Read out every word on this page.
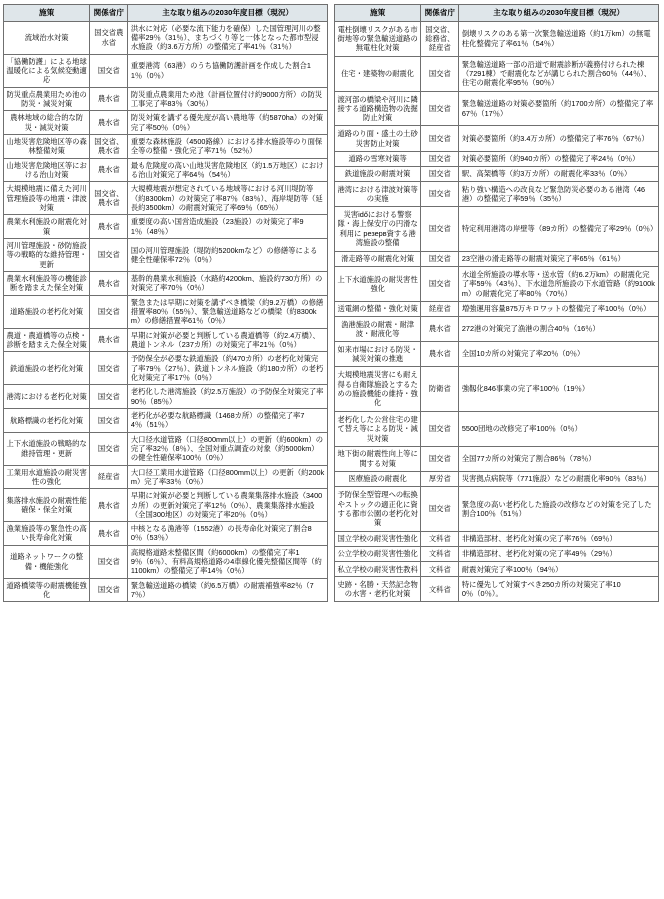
施策	関係省庁	主な取り組みの2030年度目標（現況）
流域治水対策	国交省農水省	洪水に対応（必要な流下能力を確保）した国管理河川の整備率29％（31％）、まちづくり等と一体となった都市型浸水施設（約3.6万方所）の整備完了率41％（31％）
「協働防護」による地球温暖化による気候変動適応	国交省	重要港湾（63港）のうち協働防護計画を作成した割合11％（0％）
防災重点農業用ため池の防災・減災対策	農水省	防災重点農業用ため池（計画位置付け約9000方所）の防災工事完了率83％（30％）
農林地域の総合的な防災・減災対策	農水省	防災対策を講ずる優先度が高い農地等（約5870ha）の対策完了率50％（0％）
山地災害危険地区等の森林整備対策	国交省、農水省	重要な森林施設（4500路線）における排水施設等のり面保全等の整備・強化完了率71％（52％）
山地災害危険地区等における治山対策	農水省	最も危険度の高い山地災害危険地区（約1.5万地区）における治山対策完了率64％（54％）
大規模地震に備えた河川管理施設等の地震・津波対策	国交省、農水省	大規模地震が想定されている地域等における河川堤防等（約8300km）の対策完了率87％（83％）、海岸堤防等（延長約3500km）の耐震対策完了率69％（65％）
農業水利施設の耐震化対策	農水省	重要度の高い国営造成施設（23施設）の対策完了率91％（48％）
河川管理施設・砂防施設等の戦略的な維持管理・更新	国交省	国の河川管理施設（堤防約5200kmなど）の修繕等による健全性確保率72％（0％）
農業水利施設等の機能診断を踏まえた保全対策	農水省	基幹的農業水利施設（水路約4200km、施設約730方所）の対策完了率70％（0％）
道路施設の老朽化対策	国交省	緊急または早期に対策を講ずべき橋梁（約9.2万橋）の修繕措置率80％（55％）、緊急輸送道路などの橋梁（約8300km）の修繕措置率61％（0％）
農道・農道橋等の点検・診断を踏まえた保全対策	農水省	早期に対策が必要と判断している農道橋等（約2.4万橋）、農道トンネル（237カ所）の対策完了率21％（0％）
鉄道施設の老朽化対策	国交省	予防保全が必要な鉄道施設（約470カ所）の老朽化対策完了率79％（27％）、鉄道トンネル施設（約180カ所）の老朽化対策完了率17％（0％）
港湾における老朽化対策	国交省	老朽化した港湾施設（約2.5万施設）の予防保全対策完了率90％（85％）
航路標識の老朽化対策	国交省	老朽化が必要な航路標識（1468カ所）の整備完了率74％（51％）
上下水道施設の戦略的な維持管理・更新	国交省	大口径水道管路（口径800mm以上）の更新（約600km）の完了率32％（8％）、全国対重点調査の対象（約5000km）の健全性確保率100％（0％）
工業用水道施設の耐災害性の強化	経産省	大口径工業用水道管路（口径800mm以上）の更新（約200km）完了率33％（0％）
集落排水施設の耐震性能確保・保全対策	農水省	早期に対策が必要と判断している農業集落排水施設（3400カ所）の更新対策完了率12％（0％）、農業集落排水施設（全国300地区）の対策完了率20％（0％）
漁業施設等の緊急性の高い長寿命化対策	農水省	中核となる漁港等（1552港）の長寿命化対策完了割合80％（53％）
道路ネットワークの整備・機能強化	国交省	高規格道路未整備区間（約6000km）の整備完了率19％（6％）、有料高規格道路の4車線化優先整備区間等（約1100km）の整備完了率14％（0％）
道路橋梁等の耐震機能強化	国交省	緊急輸送道路の橋梁（約6.5万橋）の耐震補強率82％（77％）
施策	関係省庁	主な取り組みの2030年度目標（現況）
電柱倒壊リスクがある市街地等の緊急輸送道路の無電柱化対策	国交省、総務省、経産省	倒壊リスクのある第一次緊急輸送道路（約1万km）の無電柱化整備完了率61％（54％）
住宅・建築物の耐震化	国交省	緊急輸送道路一部の沿道で耐震診断が義務付けられた棟（7291棟）で耐震化などが講じられた割合60％（44％）、住宅の耐震化率95％（90％）
渡河部の橋梁や河川に隣接する道路構造物の洗掘防止対策	国交省	緊急輸送道路の対策必要箇所（約1700カ所）の整備完了率67％（17％）
道路のり面・盛土の土砂災害防止対策	国交省	対策必要箇所（約3.4万カ所）の整備完了率76％（67％）
道路の雪寒対策等	国交省	対策必要箇所（約940カ所）の整備完了率24％（0％）
鉄道施設の耐震対策	国交省	駅、高架橋等（約3万カ所）の耐震化率33％（0％）
港湾における津波対策等の実施	国交省	粘り強い構造への改良など緊急防災必要のある港湾（46港）の整備完了率59％（35％）
災害időにおける警察隊・海上保安庁の円滑な利用に резерв資する港湾施設の整備	国交省	特定利用港湾の岸壁等（89カ所）の整備完了率29％（0％）
滑走路等の耐震化対策	国交省	23空港の滑走路等の耐震対策完了率65％（61％）
上下水道施設の耐災害性強化	国交省	水道全所施設の導水等・送水管（約6.2万km）の耐震化完了率59％（43％）、下水道急所施設の下水道管路（約9100km）の耐震化完了率80％（70％）
送電網の整備・強化対策	経産省	増強運用容量875万キロワットの整備完了率100％（0％）
漁港施設の耐震・耐津波・耐液化等	農水省	272港の対策完了漁港の割合40％（16％）
如来市場における防災・減災対策の推進	農水省	全国10カ所の対策完了率20％（0％）
大規模地震災害にも耐え得る自衛隊施設とするための施設機能の維持・強化	防衛省	強靱化846事業の完了率100％（19％）
老朽化した公営住宅の建て替え等による防災・減災対策	国交省	5500団地の改修完了率100％（0％）
地下街の耐震性向上等に関する対策	国交省	全国77カ所の対策完了割合86％（78％）
医療施設の耐震化	厚労省	災害拠点病院等（771施設）などの耐震化率90％（83％）
予防保全型管理への転換やストックの適正化に資する都市公園の老朽化対策	国交省	緊急度の高い老朽化した施設の改修などの対策を完了した割合100％（51％）
国立学校の耐災害性強化	文科省	非構造部材、老朽化対策の完了率76％（69％）
公立学校の耐災害性強化	文科省	非構造部材、老朽化対策の完了率49％（29％）
私立学校の耐災害性教科	文科省	耐震対策完了率100％（94％）
史跡・名勝・天然記念物の水害・老朽化対策	文科省	特に優先して対策すべき250カ所の対策完了率100％（0％）。
